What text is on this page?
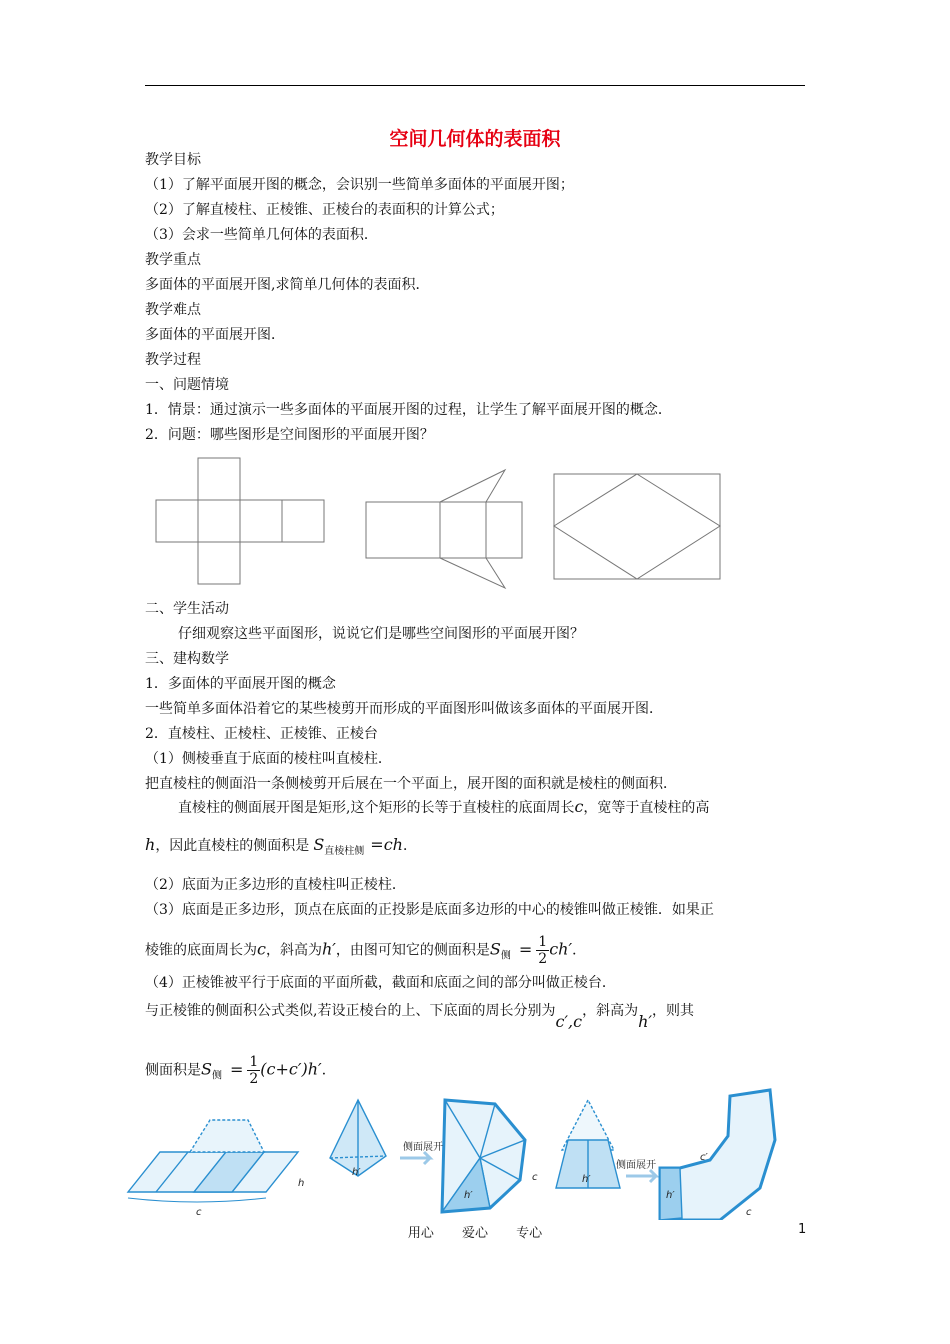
空间几何体的表面积
教学目标
（1）了解平面展开图的概念，会识别一些简单多面体的平面展开图；
（2）了解直棱柱、正棱锥、正棱台的表面积的计算公式；
（3）会求一些简单几何体的表面积．
教学重点
多面体的平面展开图,求简单几何体的表面积．
教学难点
多面体的平面展开图．
教学过程
一、问题情境
1．情景：通过演示一些多面体的平面展开图的过程，让学生了解平面展开图的概念．
2．问题：哪些图形是空间图形的平面展开图？
二、学生活动
仔细观察这些平面图形，说说它们是哪些空间图形的平面展开图？
三、建构数学
1．多面体的平面展开图的概念
一些简单多面体沿着它的某些棱剪开而形成的平面图形叫做该多面体的平面展开图．
2．直棱柱、正棱柱、正棱锥、正棱台
（1）侧棱垂直于底面的棱柱叫直棱柱．
把直棱柱的侧面沿一条侧棱剪开后展在一个平面上，展开图的面积就是棱柱的侧面积．
直棱柱的侧面展开图是矩形,这个矩形的长等于直棱柱的底面周长c，宽等于直棱柱的高
h，因此直棱柱的侧面积是 $S_{直棱柱侧} =ch$．
（2）底面为正多边形的直棱柱叫正棱柱．
（3）底面是正多边形，顶点在底面的正投影是底面多边形的中心的棱锥叫做正棱锥．如果正
棱锥的底面周长为c，斜高为h′，由图可知它的侧面积是$S_侧 = \frac{1}{2} ch'$．
（4）正棱锥被平行于底面的平面所截，截面和底面之间的部分叫做正棱台．
与正棱锥的侧面积公式类似,若设正棱台的上、下底面的周长分别为c′,c，斜高为h′，则其
侧面积是$S_侧 = \frac{1}{2} (c+c')h'$．
侧面展开
侧面展开
c
h
h′
h′
c	h′
c′
h′
c
用心 爱心 专心	1
